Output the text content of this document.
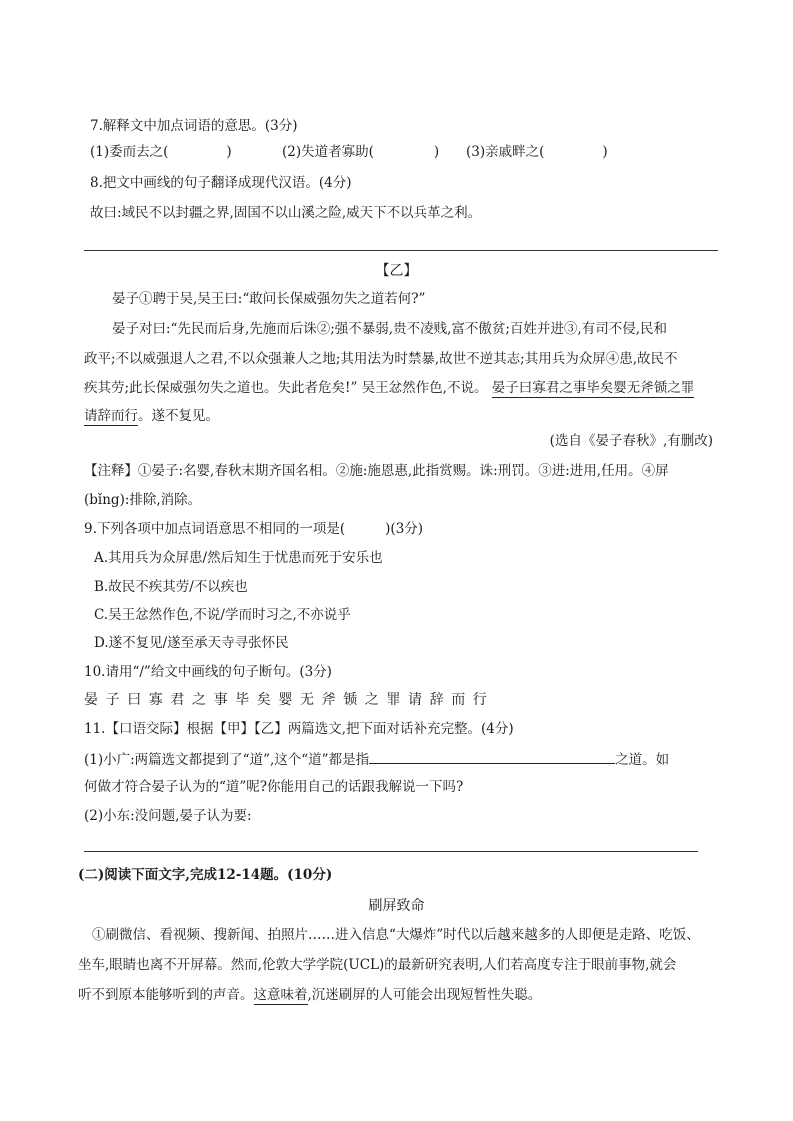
7.解释文中加点词语的意思。(3分)
(1)委而去之(	)	(2)失道者寡助(	) (3)亲戚畔之(	)
8.把文中画线的句子翻译成现代汉语。(4分)
故曰:域民不以封疆之界,固国不以山溪之险,威天下不以兵革之利。
【乙】
晏子①聘于吴,吴王曰:“敢问长保威强勿失之道若何?”
晏子对曰:“先民而后身,先施而后诛②;强不暴弱,贵不凌贱,富不傲贫;百姓并进③,有司不侵,民和
政平;不以威强退人之君,不以众强兼人之地;其用法为时禁暴,故世不逆其志;其用兵为众屏④患,故民不
疾其劳;此长保威强勿失之道也。失此者危矣!” 吴王忿然作色,不说。 晏子曰寡君之事毕矣婴无斧锧之罪
请辞而行。遂不复见。
(选自《晏子春秋》,有删改)
【注释】①晏子:名婴,春秋末期齐国名相。②施:施恩惠,此指赏赐。诛:刑罚。③进:进用,任用。④屏
(bǐng):排除,消除。
9.下列各项中加点词语意思不相同的一项是(	)(3分)
A.其用兵为众屏患/然后知生于忧患而死于安乐也
B.故民不疾其劳/不以疾也
C.吴王忿然作色,不说/学而时习之,不亦说乎
D.遂不复见/遂至承天寺寻张怀民
10.请用“/”给文中画线的句子断句。(3分)
晏子曰寡君之事毕矣婴无斧锧之罪请辞而行
11.【口语交际】根据【甲】【乙】两篇选文,把下面对话补充完整。(4分)
(1)小广:两篇选文都提到了“道”,这个“道”都是指	之道。如
何做才符合晏子认为的“道”呢?你能用自己的话跟我解说一下吗?
(2)小东:没问题,晏子认为要:
(二)阅读下面文字,完成12-14题。(10分)
刷屏致命
①刷微信、看视频、搜新闻、拍照片……进入信息“大爆炸”时代以后越来越多的人即便是走路、吃饭、
坐车,眼睛也离不开屏幕。然而,伦敦大学学院(UCL)的最新研究表明,人们若高度专注于眼前事物,就会
听不到原本能够听到的声音。这意味着,沉迷刷屏的人可能会出现短暂性失聪。
